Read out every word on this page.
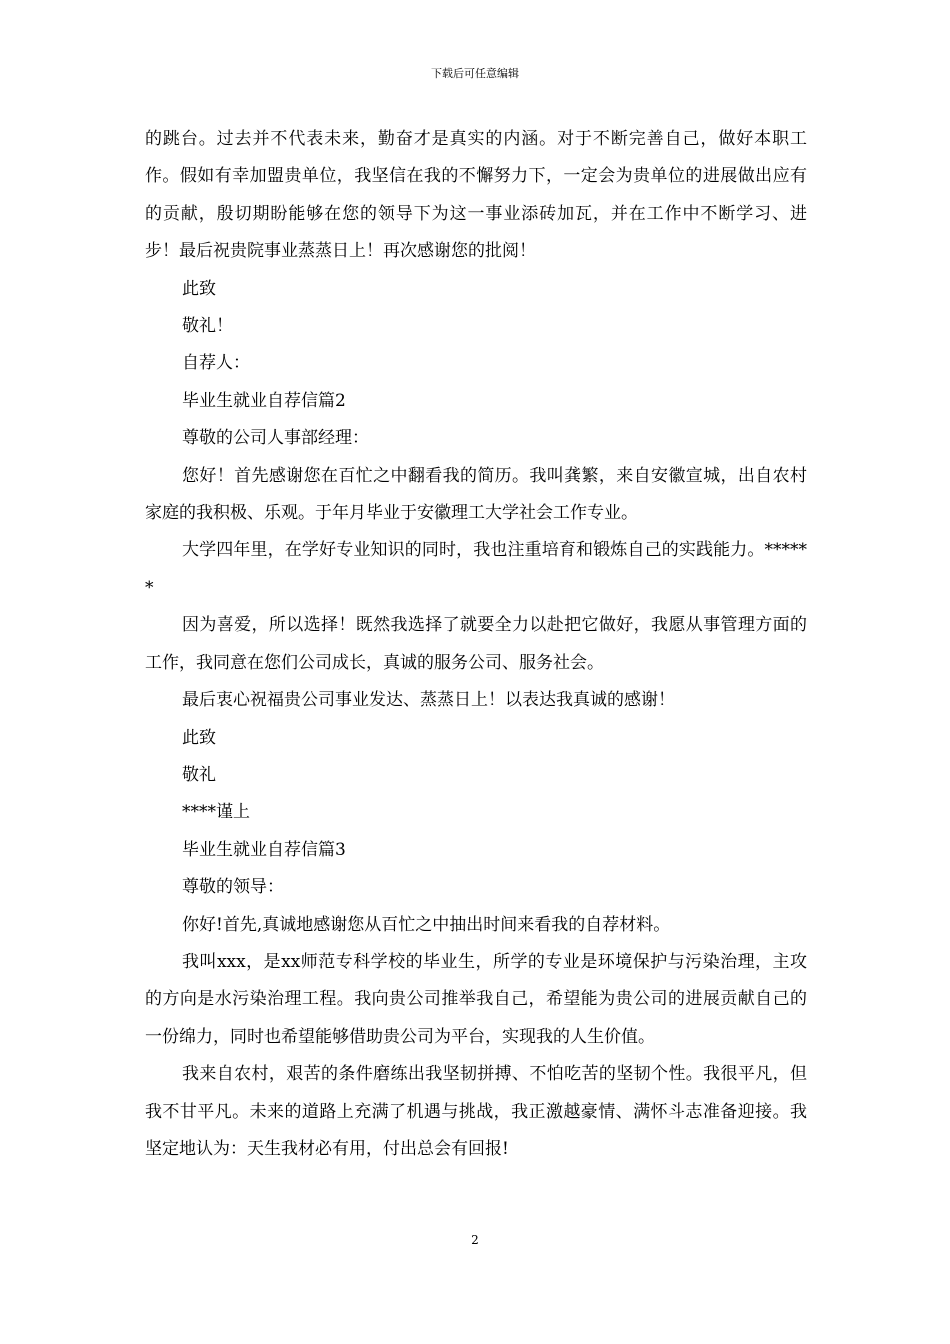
下载后可任意编辑

的跳台。过去并不代表未来，勤奋才是真实的内涵。对于不断完善自己，做好本职工作。假如有幸加盟贵单位，我坚信在我的不懈努力下，一定会为贵单位的进展做出应有的贡献，殷切期盼能够在您的领导下为这一事业添砖加瓦，并在工作中不断学习、进步！最后祝贵院事业蒸蒸日上！再次感谢您的批阅！

此致

敬礼！

自荐人：

毕业生就业自荐信篇2

尊敬的公司人事部经理：

您好！首先感谢您在百忙之中翻看我的简历。我叫龚繁，来自安徽宣城，出自农村家庭的我积极、乐观。于年月毕业于安徽理工大学社会工作专业。

大学四年里，在学好专业知识的同时，我也注重培育和锻炼自己的实践能力。******

因为喜爱，所以选择！既然我选择了就要全力以赴把它做好，我愿从事管理方面的工作，我同意在您们公司成长，真诚的服务公司、服务社会。

最后衷心祝福贵公司事业发达、蒸蒸日上！以表达我真诚的感谢！

此致

敬礼

****谨上

毕业生就业自荐信篇3

尊敬的领导：

你好!首先,真诚地感谢您从百忙之中抽出时间来看我的自荐材料。

我叫xxx，是xx师范专科学校的毕业生，所学的专业是环境保护与污染治理，主攻的方向是水污染治理工程。我向贵公司推举我自己，希望能为贵公司的进展贡献自己的一份绵力，同时也希望能够借助贵公司为平台，实现我的人生价值。

我来自农村，艰苦的条件磨练出我坚韧拼搏、不怕吃苦的坚韧个性。我很平凡，但我不甘平凡。未来的道路上充满了机遇与挑战，我正激越豪情、满怀斗志准备迎接。我坚定地认为：天生我材必有用，付出总会有回报!

2
